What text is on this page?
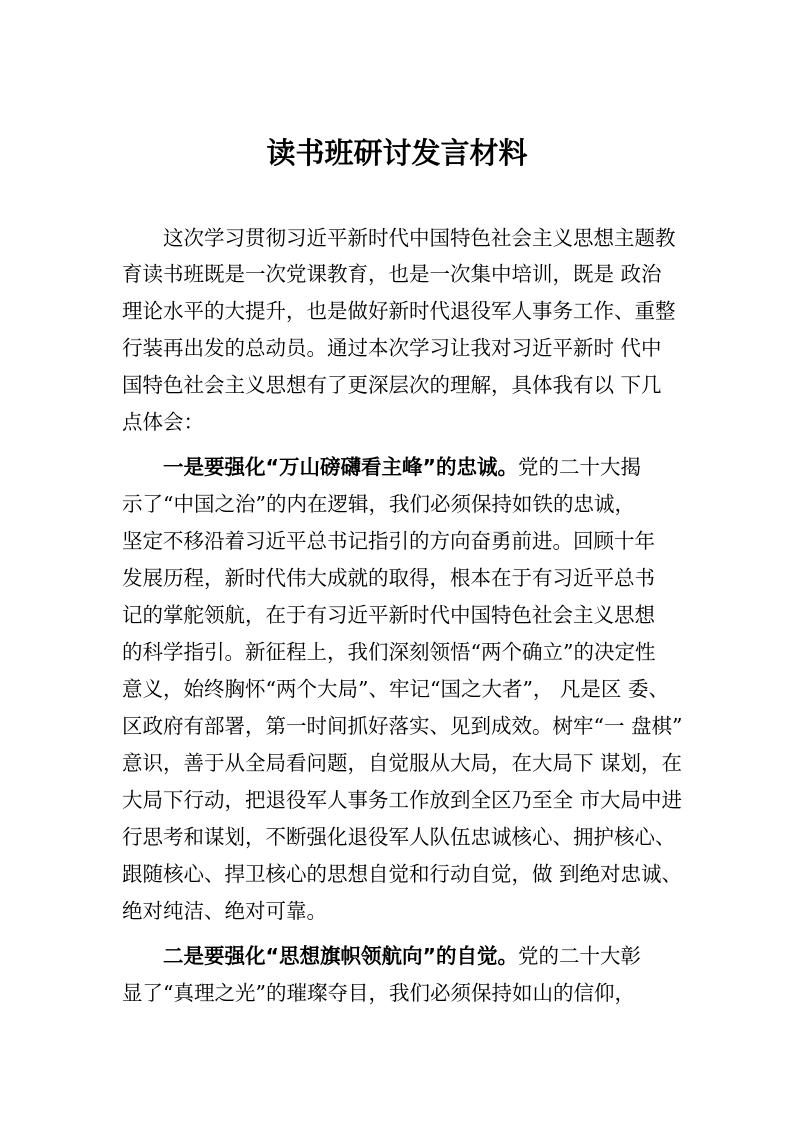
读书班研讨发言材料
这次学习贯彻习近平新时代中国特色社会主义思想主题教
育读书班既是一次党课教育，也是一次集中培训，既是 政治
理论水平的大提升，也是做好新时代退役军人事务工作、重整
行装再出发的总动员。通过本次学习让我对习近平新时 代中
国特色社会主义思想有了更深层次的理解，具体我有以 下几
点体会：
一是要强化“万山磅礴看主峰”的忠诚。党的二十大揭
示了“中国之治”的内在逻辑，我们必须保持如铁的忠诚，
坚定不移沿着习近平总书记指引的方向奋勇前进。回顾十年
发展历程，新时代伟大成就的取得，根本在于有习近平总书
记的掌舵领航，在于有习近平新时代中国特色社会主义思想
的科学指引。新征程上，我们深刻领悟“两个确立”的决定性
意义，始终胸怀“两个大局”、牢记“国之大者”， 凡是区 委、
区政府有部署，第一时间抓好落实、见到成效。树牢“一 盘棋”
意识，善于从全局看问题，自觉服从大局，在大局下 谋划，在
大局下行动，把退役军人事务工作放到全区乃至全 市大局中进
行思考和谋划，不断强化退役军人队伍忠诚核心、拥护核心、
跟随核心、捍卫核心的思想自觉和行动自觉，做 到绝对忠诚、
绝对纯洁、绝对可靠。
二是要强化“思想旗帜领航向”的自觉。党的二十大彰
显了“真理之光”的璀璨夺目，我们必须保持如山的信仰，
